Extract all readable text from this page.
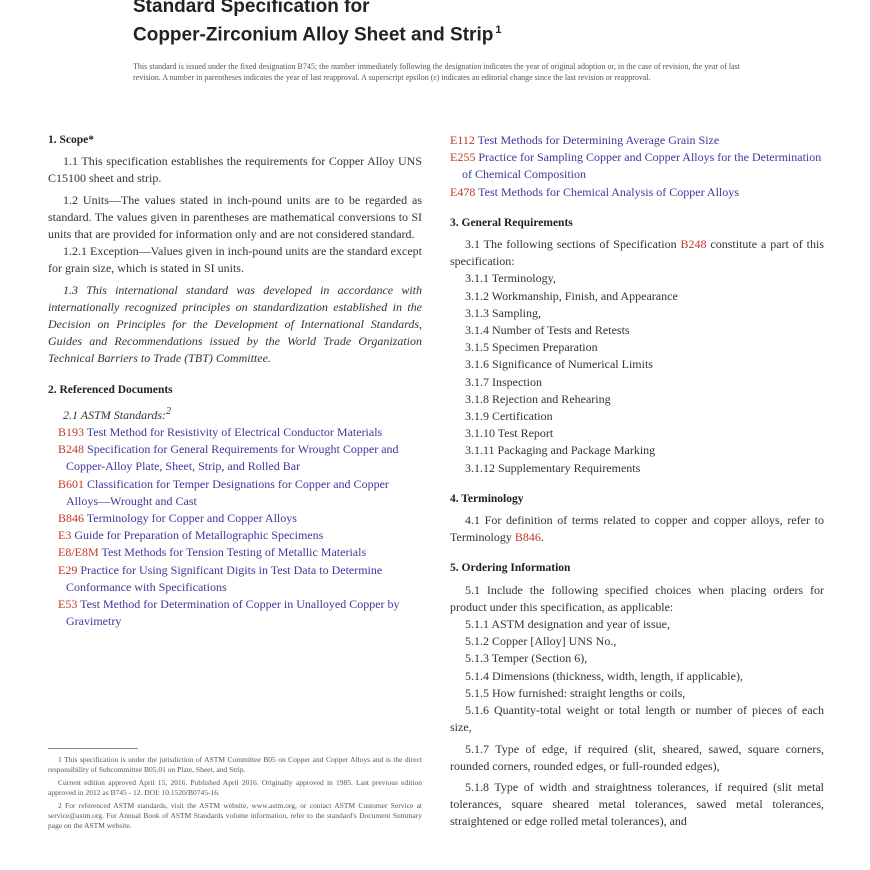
Standard Specification for
Copper-Zirconium Alloy Sheet and Strip $^1$
This standard is issued under the fixed designation B745; the number immediately following the designation indicates the year of original adoption or, in the case of revision, the year of last revision. A number in parentheses indicates the year of last reapproval. A superscript epsilon (ε) indicates an editorial change since the last revision or reapproval.

1. Scope*

1.1 This specification establishes the requirements for Copper Alloy UNS C15100 sheet and strip.

1.2 Units—The values stated in inch-pound units are to be regarded as standard. The values given in parentheses are mathematical conversions to SI units that are provided for information only and are not considered standard.

1.2.1 Exception—Values given in inch-pound units are the standard except for grain size, which is stated in SI units.

1.3 This international standard was developed in accordance with internationally recognized principles on standardization established in the Decision on Principles for the Development of International Standards, Guides and Recommendations issued by the World Trade Organization Technical Barriers to Trade (TBT) Committee.

2. Referenced Documents

2.1 ASTM Standards:$^2$

B193 Test Method for Resistivity of Electrical Conductor Materials

B248 Specification for General Requirements for Wrought Copper and Copper-Alloy Plate, Sheet, Strip, and Rolled Bar

B601 Classification for Temper Designations for Copper and Copper Alloys—Wrought and Cast

B846 Terminology for Copper and Copper Alloys

E3 Guide for Preparation of Metallographic Specimens

E8/E8M Test Methods for Tension Testing of Metallic Materials

E29 Practice for Using Significant Digits in Test Data to Determine Conformance with Specifications

E53 Test Method for Determination of Copper in Unalloyed Copper by Gravimetry

1 This specification is under the jurisdiction of ASTM Committee B05 on Copper and Copper Alloys and is the direct responsibility of Subcommittee B05.01 on Plate, Sheet, and Strip.

Current edition approved April 15, 2016. Published April 2016. Originally approved in 1985. Last previous edition approved in 2012 as B745 - 12. DOI: 10.1520/B0745-16.

2 For referenced ASTM standards, visit the ASTM website, www.astm.org, or contact ASTM Customer Service at service@astm.org. For Annual Book of ASTM Standards volume information, refer to the standard's Document Summary page on the ASTM website.

E112 Test Methods for Determining Average Grain Size

E255 Practice for Sampling Copper and Copper Alloys for the Determination of Chemical Composition

E478 Test Methods for Chemical Analysis of Copper Alloys

3. General Requirements

3.1 The following sections of Specification B248 constitute a part of this specification:

3.1.1 Terminology,

3.1.2 Workmanship, Finish, and Appearance

3.1.3 Sampling,

3.1.4 Number of Tests and Retests

3.1.5 Specimen Preparation

3.1.6 Significance of Numerical Limits

3.1.7 Inspection

3.1.8 Rejection and Rehearing

3.1.9 Certification

3.1.10 Test Report

3.1.11 Packaging and Package Marking

3.1.12 Supplementary Requirements

4. Terminology

4.1 For definition of terms related to copper and copper alloys, refer to Terminology B846.

5. Ordering Information

5.1 Include the following specified choices when placing orders for product under this specification, as applicable:

5.1.1 ASTM designation and year of issue,

5.1.2 Copper [Alloy] UNS No.,

5.1.3 Temper (Section 6),

5.1.4 Dimensions (thickness, width, length, if applicable),

5.1.5 How furnished: straight lengths or coils,

5.1.6 Quantity-total weight or total length or number of pieces of each size,

5.1.7 Type of edge, if required (slit, sheared, sawed, square corners, rounded corners, rounded edges, or full-rounded edges),

5.1.8 Type of width and straightness tolerances, if required (slit metal tolerances, square sheared metal tolerances, sawed metal tolerances, straightened or edge rolled metal tolerances), and
